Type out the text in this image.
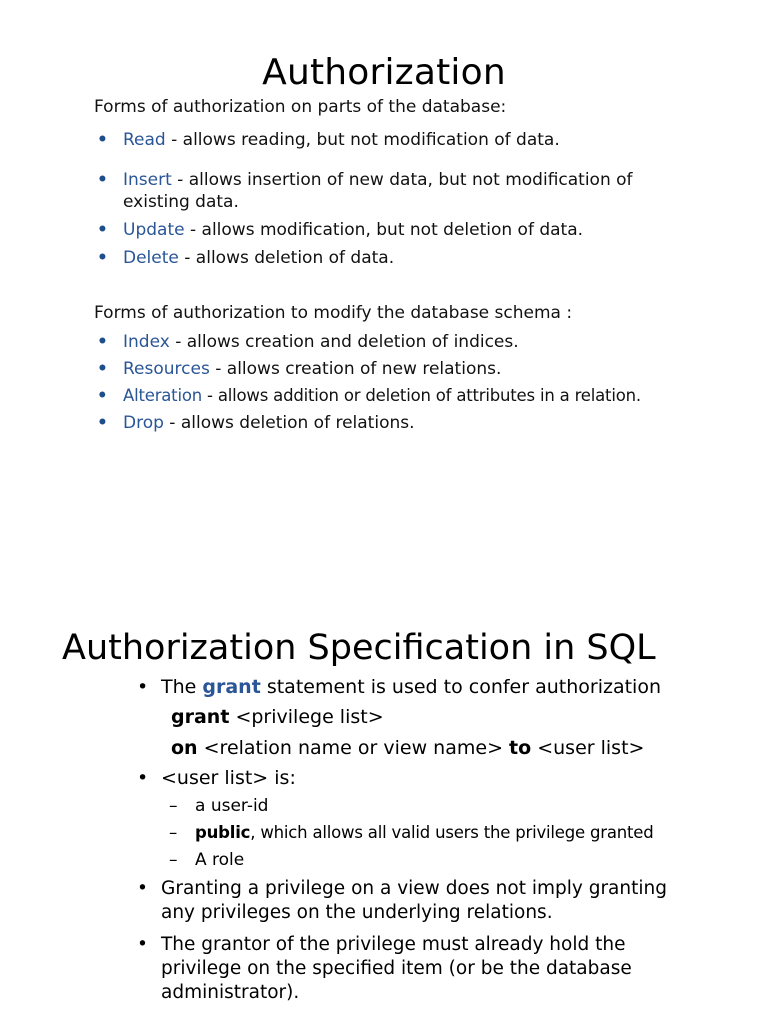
Authorization
Forms of authorization on parts of the database:
• Read - allows reading, but not modification of data.
• Insert - allows insertion of new data, but not modification of
existing data.
• Update - allows modification, but not deletion of data.
• Delete - allows deletion of data.
Forms of authorization to modify the database schema :
• Index - allows creation and deletion of indices.
• Resources - allows creation of new relations.
• Alteration - allows addition or deletion of attributes in a relation.
• Drop - allows deletion of relations.
Authorization Specification in SQL
• The grant statement is used to confer authorization
grant <privilege list>
on <relation name or view name> to <user list>
• <user list> is:
– a user-id
– public, which allows all valid users the privilege granted
– A role
• Granting a privilege on a view does not imply granting
any privileges on the underlying relations.
• The grantor of the privilege must already hold the
privilege on the specified item (or be the database
administrator).
